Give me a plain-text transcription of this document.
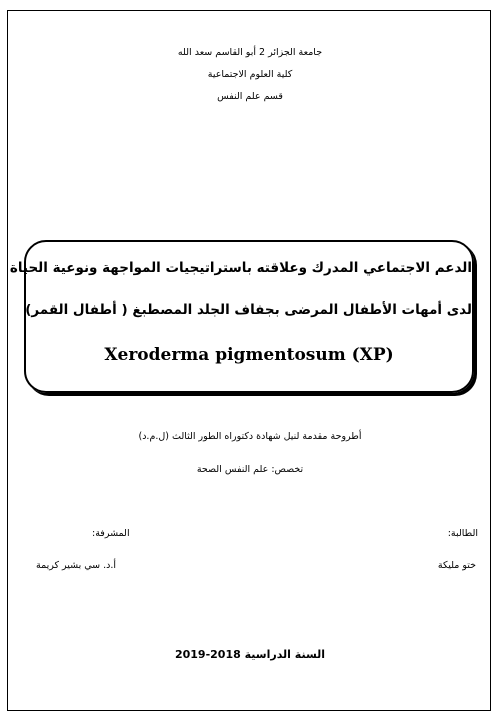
جامعة الجزائر 2 أبو القاسم سعد الله
كلية العلوم الاجتماعية
قسم علم النفس
الدعم الاجتماعي المدرك وعلاقته باستراتيجيات المواجهة ونوعية الحياة
لدى أمهات الأطفال المرضى بجفاف الجلد المصطبغ ( أطفال القمر)
Xeroderma pigmentosum (XP)
أطروحة مقدمة لنيل شهادة دكتوراه الطور الثالث (ل.م.د)
تخصص: علم النفس الصحة
الطالبة:
ختو مليكة
المشرفة:
أ.د. سي بشير كريمة
السنة الدراسية 2018-2019
